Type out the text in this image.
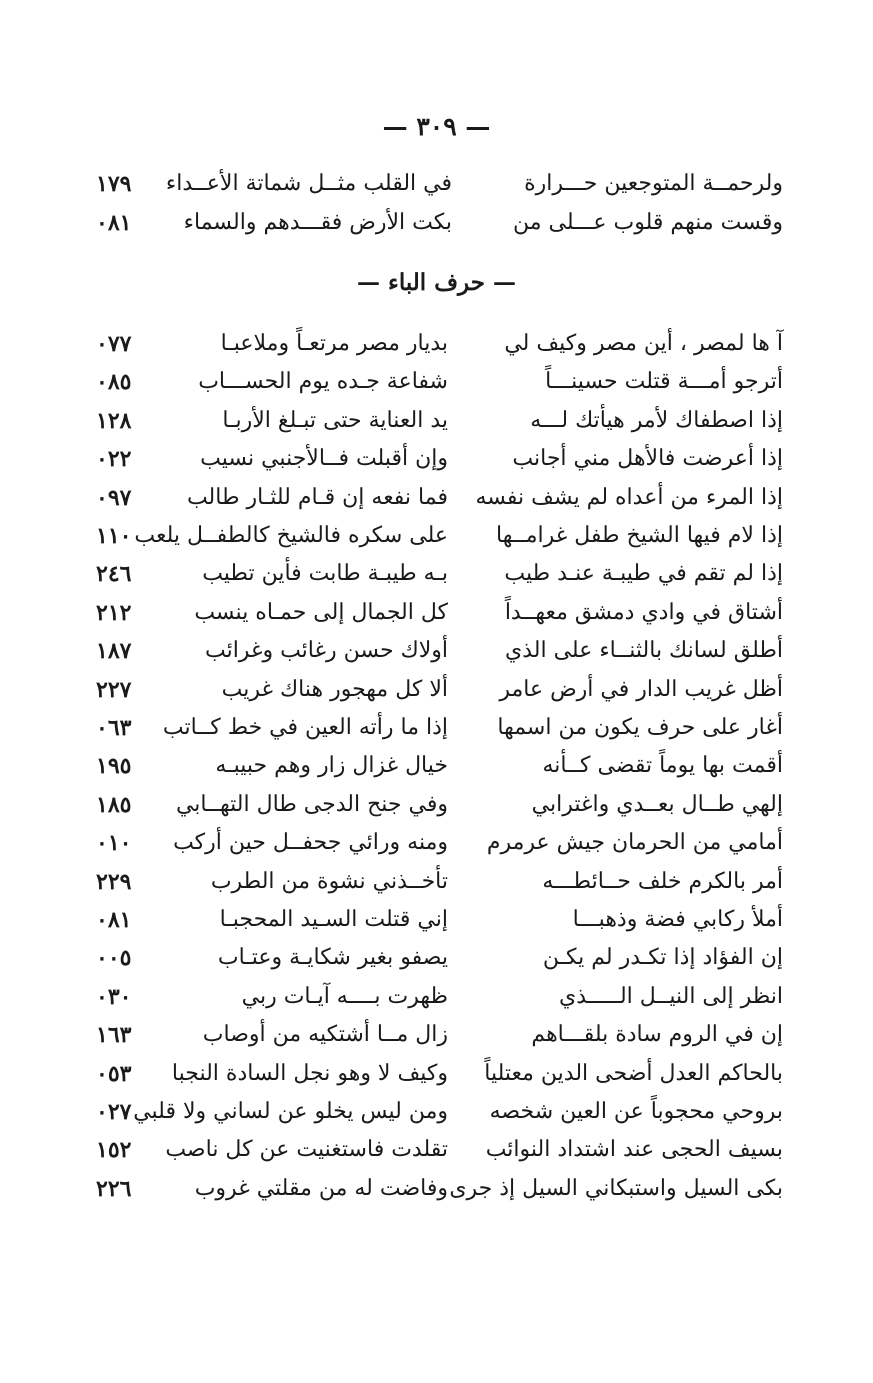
— ٣٠٩ —
ولرحمــة المتوجعين حـــرارة
في القلب مثــل شماتة الأعــداء
١٧٩
وقست منهم قلوب عـــلى من
بكت الأرض فقـــدهم والسماء
٠٨١
— حرف الباء —
آ ها لمصر ، أين مصر وكيف لي
بديار مصر مرتعـاً وملاعبـا
٠٧٧
أترجو أمـــة قتلت حسينـــاً
شفاعة جـده يوم الحســـاب
٠٨٥
إذا اصطفاك لأمر هيأتك لـــه
يد العناية حتى تبـلغ الأربـا
١٢٨
إذا أعرضت فالأهل مني أجانب
وإن أقبلت فــالأجنبي نسيب
٠٢٢
إذا المرء من أعداه لم يشف نفسه
فما نفعه إن قـام للثـار طالب
٠٩٧
إذا لام فيها الشيخ طفل غرامــها
على سكره فالشيخ كالطفــل يلعب
١١٠
إذا لم تقم في طيبـة عنـد طيب
بـه طيبـة طابت فأين تطيب
٢٤٦
أشتاق في وادي دمشق معهــداً
كل الجمال إلى حمـاه ينسب
٢١٢
أطلق لسانك بالثنــاء على الذي
أولاك حسن رغائب وغرائب
١٨٧
أظل غريب الدار في أرض عامر
ألا كل مهجور هناك غريب
٢٢٧
أغار على حرف يكون من اسمها
إذا ما رأته العين في خط كــاتب
٠٦٣
أقمت بها يوماً تقضى كــأنه
خيال غزال زار وهم حبيبـه
١٩٥
إلهي طــال بعــدي واغترابي
وفي جنح الدجى طال التهــابي
١٨٥
أمامي من الحرمان جيش عرمرم
ومنه ورائي جحفــل حين أركب
٠١٠
أمر بالكرم خلف حــائطـــه
تأخــذني نشوة من الطرب
٢٢٩
أملأ ركابي فضة وذهبـــا
إني قتلت السـيد المحجبـا
٠٨١
إن الفؤاد إذا تكـدر لم يكـن
يصفو بغير شكايـة وعتـاب
٠٠٥
انظر إلى النيــل الـــــذي
ظهرت بــــه آيـات ربي
٠٣٠
إن في الروم سادة بلقـــاهم
زال مــا أشتكيه من أوصاب
١٦٣
بالحاكم العدل أضحى الدين معتلياً
وكيف لا وهو نجل السادة النجبا
٠٥٣
بروحي محجوباً عن العين شخصه
ومن ليس يخلو عن لساني ولا قلبي
٠٢٧
بسيف الحجى عند اشتداد النوائب
تقلدت فاستغنيت عن كل ناصب
١٥٢
بكى السيل واستبكاني السيل إذ جرى
وفاضت له من مقلتي غروب
٢٢٦
